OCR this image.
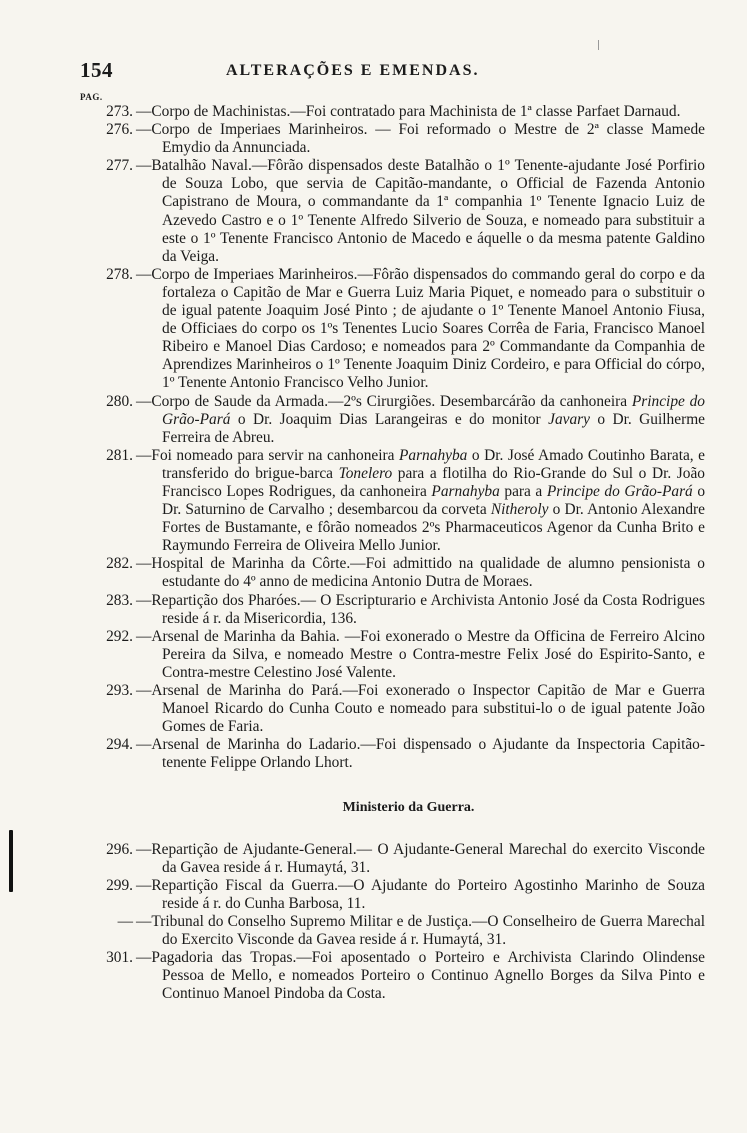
154	ALTERAÇÕES E EMENDAS.
PAG.

273. —Corpo de Machinistas.—Foi contratado para Machinista de 1ª classe Parfaet Darnaud.

276. —Corpo de Imperiaes Marinheiros. — Foi reformado o Mestre de 2ª classe Mamede Emydio da Annunciada.

277. —Batalhão Naval.—Fôrão dispensados deste Batalhão o 1º Tenente-ajudante José Porfirio de Souza Lobo, que servia de Capitão-mandante, o Official de Fazenda Antonio Capistrano de Moura, o commandante da 1ª companhia 1º Tenente Ignacio Luiz de Azevedo Castro e o 1º Tenente Alfredo Silverio de Souza, e nomeado para substituir a este o 1º Tenente Francisco Antonio de Macedo e áquelle o da mesma patente Galdino da Veiga.

278. —Corpo de Imperiaes Marinheiros.—Fôrão dispensados do commando geral do corpo e da fortaleza o Capitão de Mar e Guerra Luiz Maria Piquet, e nomeado para o substituir o de igual patente Joaquim José Pinto ; de ajudante o 1º Tenente Manoel Antonio Fiusa, de Officiaes do corpo os 1ºs Tenentes Lucio Soares Corrêa de Faria, Francisco Manoel Ribeiro e Manoel Dias Cardoso; e nomeados para 2º Commandante da Companhia de Aprendizes Marinheiros o 1º Tenente Joaquim Diniz Cordeiro, e para Official do córpo, 1º Tenente Antonio Francisco Velho Junior.

280. —Corpo de Saude da Armada.—2ºs Cirurgiões. Desembarcárão da canhoneira Principe do Grão-Pará o Dr. Joaquim Dias Larangeiras e do monitor Javary o Dr. Guilherme Ferreira de Abreu.

281. —Foi nomeado para servir na canhoneira Parnahyba o Dr. José Amado Coutinho Barata, e transferido do brigue-barca Tonelero para a flotilha do Rio-Grande do Sul o Dr. João Francisco Lopes Rodrigues, da canhoneira Parnahyba para a Principe do Grão-Pará o Dr. Saturnino de Carvalho ; desembarcou da corveta Nitheroly o Dr. Antonio Alexandre Fortes de Bustamante, e fôrão nomeados 2ºs Pharmaceuticos Agenor da Cunha Brito e Raymundo Ferreira de Oliveira Mello Junior.

282. —Hospital de Marinha da Côrte.—Foi admittido na qualidade de alumno pensionista o estudante do 4º anno de medicina Antonio Dutra de Moraes.

283. —Repartição dos Pharóes.— O Escripturario e Archivista Antonio José da Costa Rodrigues reside á r. da Misericordia, 136.

292. —Arsenal de Marinha da Bahia. —Foi exonerado o Mestre da Officina de Ferreiro Alcino Pereira da Silva, e nomeado Mestre o Contra-mestre Felix José do Espirito-Santo, e Contra-mestre Celestino José Valente.

293. —Arsenal de Marinha do Pará.—Foi exonerado o Inspector Capitão de Mar e Guerra Manoel Ricardo do Cunha Couto e nomeado para substitui-lo o de igual patente João Gomes de Faria.

294. —Arsenal de Marinha do Ladario.—Foi dispensado o Ajudante da Inspectoria Capitão-tenente Felippe Orlando Lhort.

Ministerio da Guerra.

296. —Repartição de Ajudante-General.— O Ajudante-General Marechal do exercito Visconde da Gavea reside á r. Humaytá, 31.

299. —Repartição Fiscal da Guerra.—O Ajudante do Porteiro Agostinho Marinho de Souza reside á r. do Cunha Barbosa, 11.

— —Tribunal do Conselho Supremo Militar e de Justiça.—O Conselheiro de Guerra Marechal do Exercito Visconde da Gavea reside á r. Humaytá, 31.

301. —Pagadoria das Tropas.—Foi aposentado o Porteiro e Archivista Clarindo Olindense Pessoa de Mello, e nomeados Porteiro o Continuo Agnello Borges da Silva Pinto e Continuo Manoel Pindoba da Costa.
